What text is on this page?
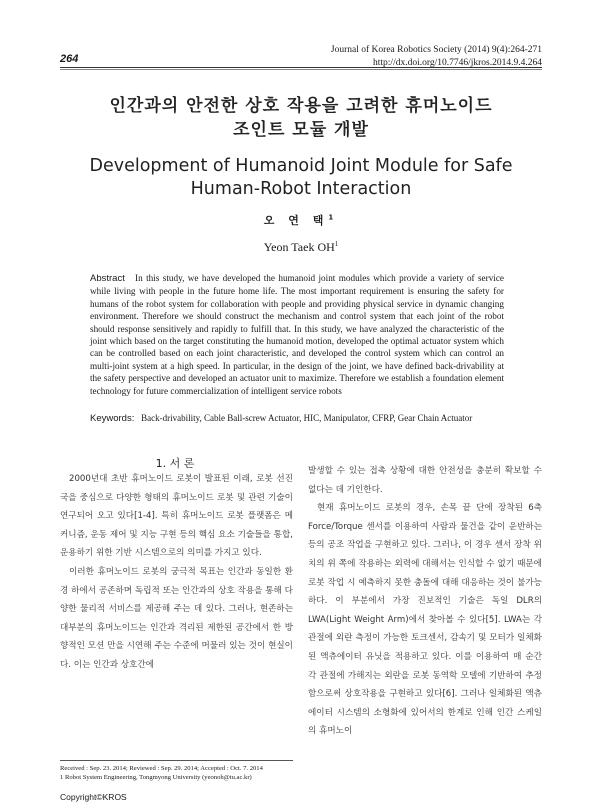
264
Journal of Korea Robotics Society (2014) 9(4):264-271
http://dx.doi.org/10.7746/jkros.2014.9.4.264
인간과의 안전한 상호 작용을 고려한 휴머노이드
조인트 모듈 개발
Development of Humanoid Joint Module for Safe
Human-Robot Interaction
오 연 택$^1$
Yeon Taek $OH^1$
Abstract In this study, we have developed the humanoid joint modules which provide a variety of service while living with people in the future home life. The most important requirement is ensuring the safety for humans of the robot system for collaboration with people and providing physical service in dynamic changing environment. Therefore we should construct the mechanism and control system that each joint of the robot should response sensitively and rapidly to fulfill that. In this study, we have analyzed the characteristic of the joint which based on the target constituting the humanoid motion, developed the optimal actuator system which can be controlled based on each joint characteristic, and developed the control system which can control an multi-joint system at a high speed. In particular, in the design of the joint, we have defined back-drivability at the safety perspective and developed an actuator unit to maximize. Therefore we establish a foundation element technology for future commercialization of intelligent service robots
Keywords: Back-drivability, Cable Ball-screw Actuator, HIC, Manipulator, CFRP, Gear Chain Actuator
1. 서 론

2000년대 초반 휴머노이드 로봇이 발표된 이래, 로봇 선진국을 중심으로 다양한 형태의 휴머노이드 로봇 및 관련 기술이 연구되어 오고 있다[1-4]. 특히 휴머노이드 로봇 플랫폼은 메커니즘, 운동 제어 및 지능 구현 등의 핵심 요소 기술들을 통합, 운용하기 위한 기반 시스템으로의 의미를 가지고 있다.

이러한 휴머노이드 로봇의 궁극적 목표는 인간과 동일한 환경 하에서 공존하며 독립적 또는 인간과의 상호 작용을 통해 다양한 물리적 서비스를 제공해 주는 데 있다. 그러나, 현존하는 대부분의 휴머노이드는 인간과 격리된 제한된 공간에서 한 방향적인 모션 만을 시연해 주는 수준에 머물러 있는 것이 현실이다. 이는 인간과 상호간에

발생할 수 있는 접촉 상황에 대한 안전성을 충분히 확보할 수 없다는 데 기인한다.

현재 휴머노이드 로봇의 경우, 손목 끝 단에 장착된 6축 Force/Torque 센서를 이용하여 사람과 물건을 같이 운반하는 등의 공조 작업을 구현하고 있다. 그러나, 이 경우 센서 장착 위치의 위 쪽에 작용하는 외력에 대해서는 인식할 수 없기 때문에 로봇 작업 시 예측하지 못한 충돌에 대해 대응하는 것이 불가능하다. 이 부분에서 가장 진보적인 기술은 독일 DLR의 LWA(Light Weight Arm)에서 찾아볼 수 있다[5]. LWA는 각 관절에 외란 측정이 가능한 토크센서, 감속기 및 모터가 일체화된 액츄에이터 유닛을 적용하고 있다. 이를 이용하여 매 순간 각 관절에 가해지는 외란을 로봇 동역학 모델에 기반하여 추정함으로써 상호작용을 구현하고 있다[6]. 그러나 일체화된 액츄에이터 시스템의 소형화에 있어서의 한계로 인해 인간 스케일의 휴머노이

Received : Sep. 23. 2014; Reviewed : Sep. 29. 2014; Accepted : Oct. 7. 2014
1 Robot System Engineering, Tongmyong University (yeonoh@tu.ac.kr)
Copyright©KROS
